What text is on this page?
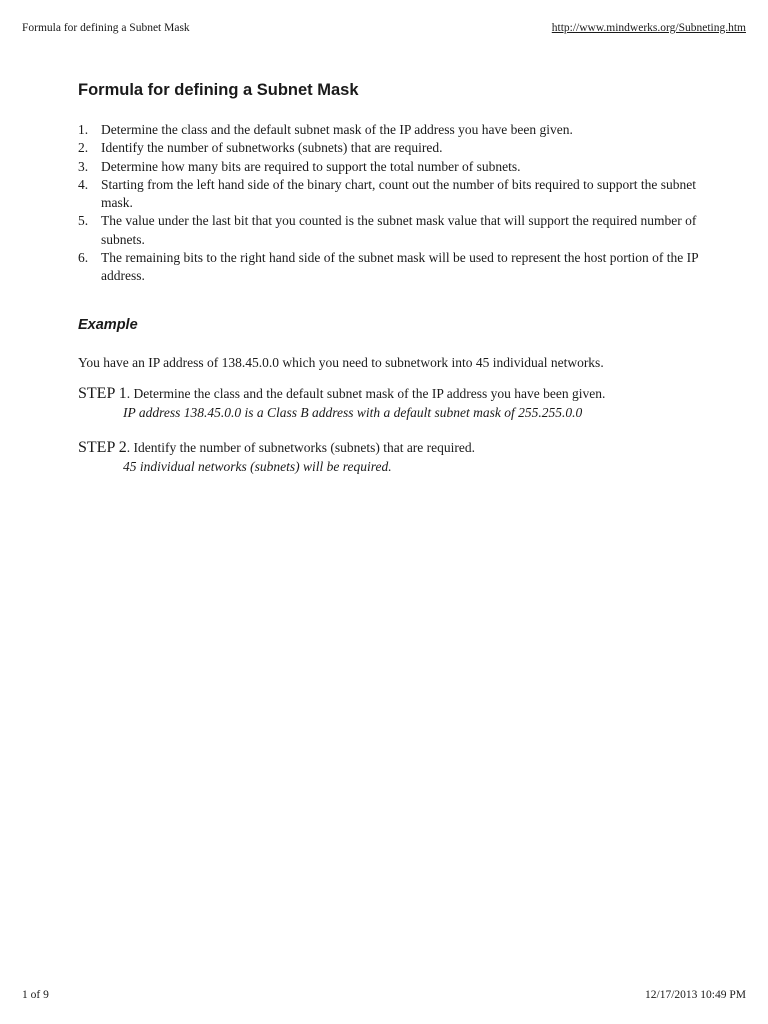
Formula for defining a Subnet Mask	http://www.mindwerks.org/Subneting.htm
Formula for defining a Subnet Mask
1. Determine the class and the default subnet mask of the IP address you have been given.
2. Identify the number of subnetworks (subnets) that are required.
3. Determine how many bits are required to support the total number of subnets.
4. Starting from the left hand side of the binary chart, count out the number of bits required to support the subnet mask.
5. The value under the last bit that you counted is the subnet mask value that will support the required number of subnets.
6. The remaining bits to the right hand side of the subnet mask will be used to represent the host portion of the IP address.
Example

You have an IP address of 138.45.0.0 which you need to subnetwork into 45 individual networks.

STEP 1. Determine the class and the default subnet mask of the IP address you have been given.
IP address 138.45.0.0 is a Class B address with a default subnet mask of 255.255.0.0
STEP 2. Identify the number of subnetworks (subnets) that are required.
45 individual networks (subnets) will be required.
1 of 9	12/17/2013 10:49 PM
